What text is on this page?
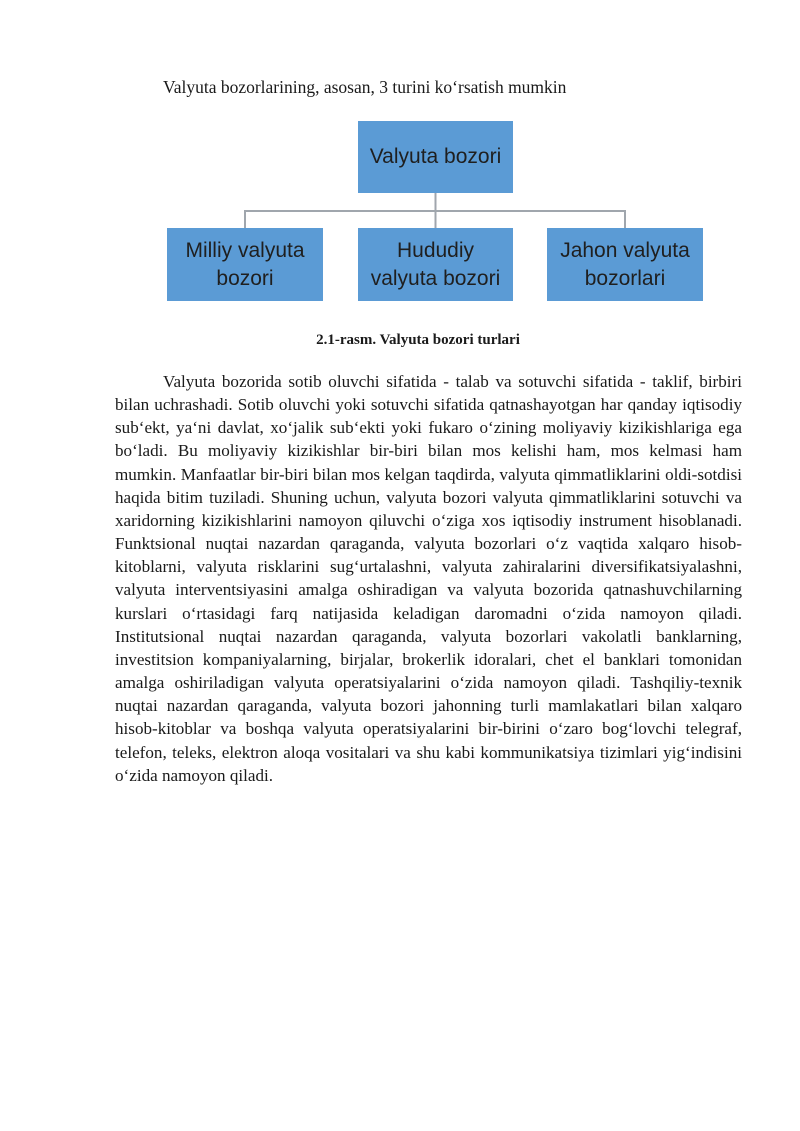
Valyuta bozorlarining, asosan, 3 turini ko‘rsatish mumkin
Valyuta bozori
Milliy valyuta bozori
Hududiy valyuta bozori
Jahon valyuta bozorlari
2.1-rasm. Valyuta bozori turlari

Valyuta bozorida sotib oluvchi sifatida - talab va sotuvchi sifatida - taklif, birbiri bilan uchrashadi. Sotib oluvchi yoki sotuvchi sifatida qatnashayotgan har qanday iqtisodiy sub‘ekt, ya‘ni davlat, xo‘jalik sub‘ekti yoki fukaro o‘zining moliyaviy kizikishlariga ega bo‘ladi. Bu moliyaviy kizikishlar bir-biri bilan mos kelishi ham, mos kelmasi ham mumkin. Manfaatlar bir-biri bilan mos kelgan taqdirda, valyuta qimmatliklarini oldi-sotdisi haqida bitim tuziladi. Shuning uchun, valyuta bozori valyuta qimmatliklarini sotuvchi va xaridorning kizikishlarini namoyon qiluvchi o‘ziga xos iqtisodiy instrument hisoblanadi. Funktsional nuqtai nazardan qaraganda, valyuta bozorlari o‘z vaqtida xalqaro hisob-kitoblarni, valyuta risklarini sug‘urtalashni, valyuta zahiralarini diversifikatsiyalashni, valyuta interventsiyasini amalga oshiradigan va valyuta bozorida qatnashuvchilarning kurslari o‘rtasidagi farq natijasida keladigan daromadni o‘zida namoyon qiladi. Institutsional nuqtai nazardan qaraganda, valyuta bozorlari vakolatli banklarning, investitsion kompaniyalarning, birjalar, brokerlik idoralari, chet el banklari tomonidan amalga oshiriladigan valyuta operatsiyalarini o‘zida namoyon qiladi. Tashqiliy-texnik nuqtai nazardan qaraganda, valyuta bozori jahonning turli mamlakatlari bilan xalqaro hisob-kitoblar va boshqa valyuta operatsiyalarini bir-birini o‘zaro bog‘lovchi telegraf, telefon, teleks, elektron aloqa vositalari va shu kabi kommunikatsiya tizimlari yig‘indisini o‘zida namoyon qiladi.
